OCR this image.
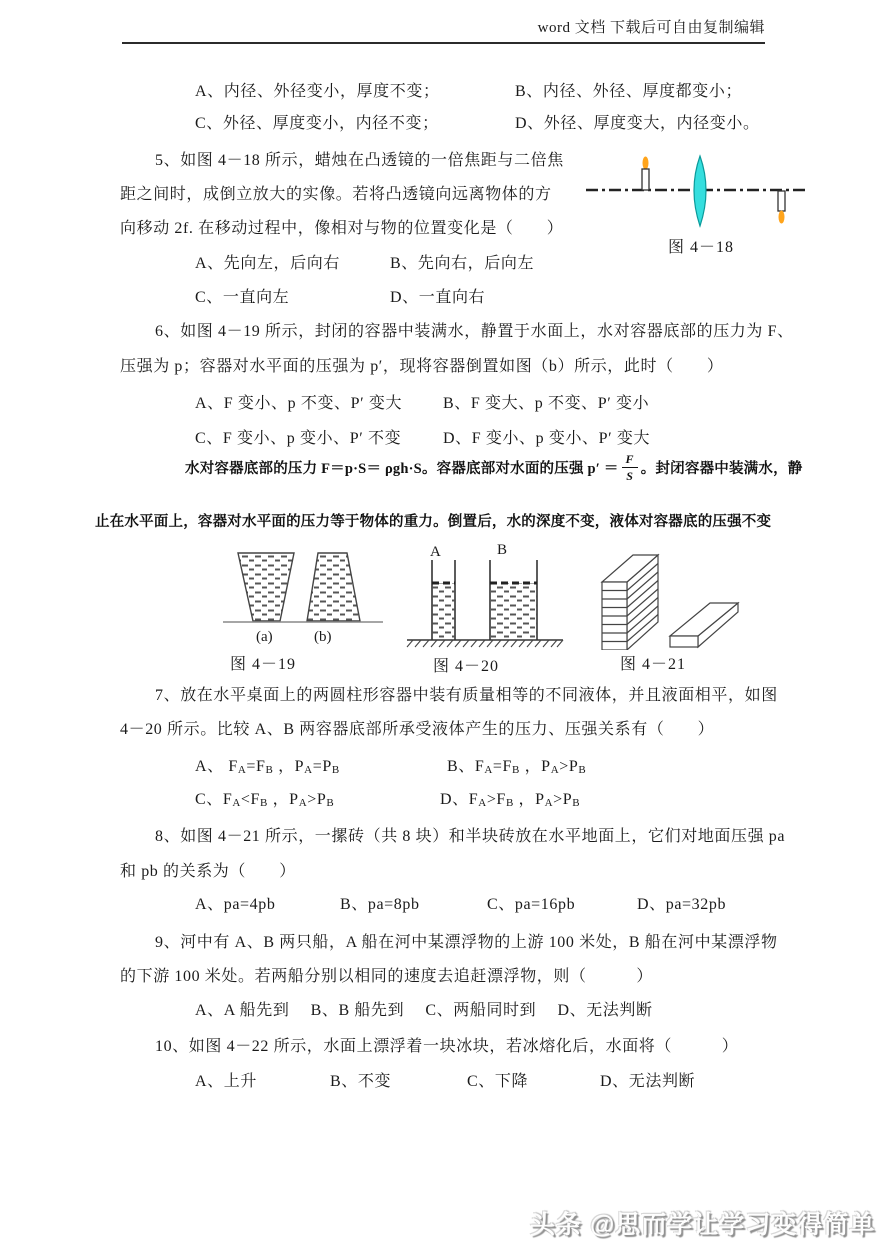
word 文档 下载后可自由复制编辑
A、内径、外径变小，厚度不变；	B、内径、外径、厚度都变小；
C、外径、厚度变小，内径不变；	D、外径、厚度变大，内径变小。
5、如图 4－18 所示，蜡烛在凸透镜的一倍焦距与二倍焦
距之间时，成倒立放大的实像。若将凸透镜向远离物体的方
向移动 2f. 在移动过程中，像相对与物的位置变化是（　　）
A、先向左，后向右	B、先向右，后向左
C、一直向左	D、一直向右
图 4－18
6、如图 4－19 所示，封闭的容器中装满水，静置于水面上，水对容器底部的压力为 F、
压强为 p；容器对水平面的压强为 p′，现将容器倒置如图（b）所示，此时（　　）
A、F 变小、p 不变、P′ 变大	B、F 变大、p 不变、P′ 变小
C、F 变小、p 变小、P′ 不变	D、F 变小、p 变小、P′ 变大
水对容器底部的压力 F＝p·S＝ ρgh·S。容器底部对水面的压强 $p' = \frac{F}{S}$ 。封闭容器中装满水，静
止在水平面上，容器对水平面的压力等于物体的重力。倒置后，水的深度不变，液体对容器底的压强不变
(a)	(b)
图 4－19
A	B
图 4－20	图 4－21
7、放在水平桌面上的两圆柱形容器中装有质量相等的不同液体，并且液面相平，如图
4－20 所示。比较 A、B 两容器底部所承受液体产生的压力、压强关系有（　　）
A、 FA=FB ，PA=PB	B、FA=FB ，PA>PB
C、FA<FB ，PA>PB	D、FA>FB ，PA>PB
8、如图 4－21 所示，一摞砖（共 8 块）和半块砖放在水平地面上，它们对地面压强 pa
和 pb 的关系为（　　）
A、pa=4pb	B、pa=8pb	C、pa=16pb	D、pa=32pb
9、河中有 A、B 两只船，A 船在河中某漂浮物的上游 100 米处，B 船在河中某漂浮物
的下游 100 米处。若两船分别以相同的速度去追赶漂浮物，则（　　　）
A、A 船先到　 B、B 船先到　 C、两船同时到　 D、无法判断
10、如图 4－22 所示，水面上漂浮着一块冰块，若冰熔化后，水面将（　　　）
A、上升	B、不变	C、下降	D、无法判断
头条 @思而学让学习变得简单
